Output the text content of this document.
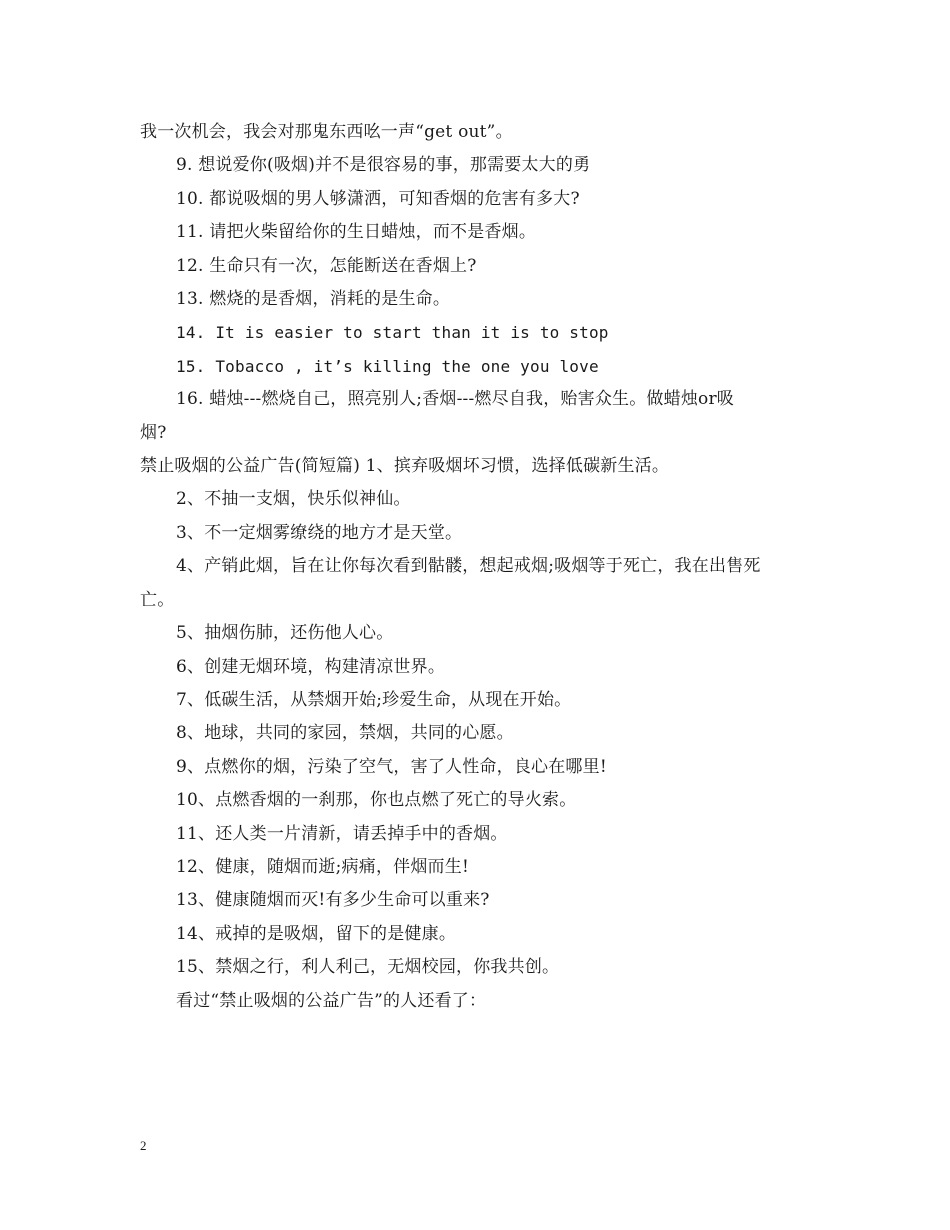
我一次机会，我会对那鬼东西吆一声“get out”。
9. 想说爱你(吸烟)并不是很容易的事，那需要太大的勇
10. 都说吸烟的男人够潇洒，可知香烟的危害有多大?
11. 请把火柴留给你的生日蜡烛，而不是香烟。
12. 生命只有一次，怎能断送在香烟上?
13. 燃烧的是香烟，消耗的是生命。
14. It is easier to start than it is to stop
15. Tobacco , it’s killing the one you love
16. 蜡烛---燃烧自己，照亮别人;香烟---燃尽自我，贻害众生。做蜡烛or吸
烟?
禁止吸烟的公益广告(简短篇) 1、摈弃吸烟坏习惯，选择低碳新生活。
2、不抽一支烟，快乐似神仙。
3、不一定烟雾缭绕的地方才是天堂。
4、产销此烟，旨在让你每次看到骷髅，想起戒烟;吸烟等于死亡，我在出售死
亡。
5、抽烟伤肺，还伤他人心。
6、创建无烟环境，构建清凉世界。
7、低碳生活，从禁烟开始;珍爱生命，从现在开始。
8、地球，共同的家园，禁烟，共同的心愿。
9、点燃你的烟，污染了空气，害了人性命，良心在哪里!
10、点燃香烟的一刹那，你也点燃了死亡的导火索。
11、还人类一片清新，请丢掉手中的香烟。
12、健康，随烟而逝;病痛，伴烟而生!
13、健康随烟而灭!有多少生命可以重来?
14、戒掉的是吸烟，留下的是健康。
15、禁烟之行，利人利己，无烟校园，你我共创。
看过“禁止吸烟的公益广告”的人还看了：
2
